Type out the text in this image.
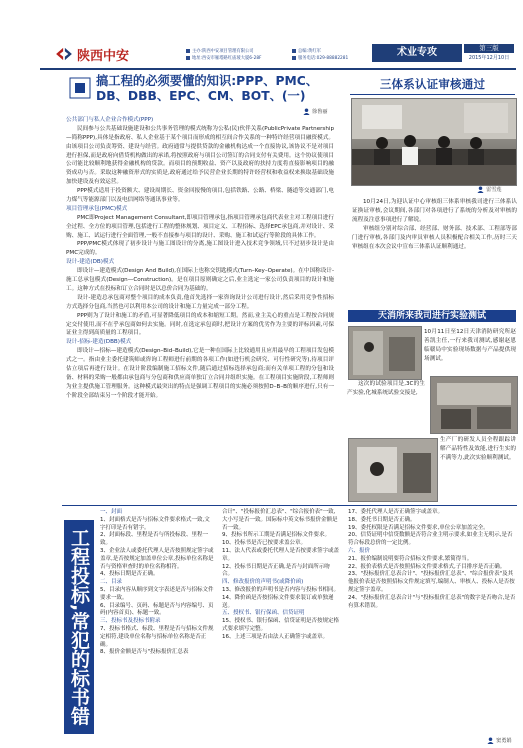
陕西中安	主办:陕西中安项目管理有限公司
地址:西安市雁塔路红庙坡大厦6-28F
总编:黄红军
服务电话:029-88882281
术业专攻	第三版
2015年12月10日
搞工程的必须要懂的知识:PPP、PMC、DB、DBB、EPC、CM、BOT、(一)
徐鲁丽
公共部门与私人企业合作模式(PPP)

民间参与公共基础设施建设和公共事务管理的模式统称为公私(民)伙伴关系(PublicPrivate Partnership—简称PPP),具体是指政府、私人企业基于某个项目而形成的相互间合作关系的一种特许经营项目融资模式。由该项目公司负责筹资、建设与经营。政府通常与提供贷款的金融机构达成一个直接协议,该协议不是对项目进行担保,而是政府向借贷机构做出的承诺,将按照政府与项目公司签订的合同支付有关费用。这个协议使项目公司能比较顺利地获得金融机构的贷款。而项目的预期收益、资产以及政府的扶持力度将直接影响项目的融资成功与否。采取这种融资形式的实质是,政府通过给予民营企业长期的特许经营权和收益权来换取基础设施加快建设及有效运营。

PPP模式适用于投资额大、建设周期长、资金回报慢的项目,包括铁路、公路、桥梁、隧道等交通部门,电力煤气等能源部门以及电信网络等通讯事业等。

项目管理承包(PMC)模式

PMC即Project Management Consultant,即项目管理承包,指项目管理承包商代表业主对工程项目进行全过程、全方位的项目管理,包括进行工程的整体规划、项目定义、工程招标、选择EPC承包商,并对设计、采购、施工、试运行进行全面管理,一般不直接参与项目的设计、采购、施工和试运行等阶段的具体工作。

PPP/PMC模式体现了初步设计与施工图设计的分离,施工图设计进入技术竞争领域,只不过初步设计是由PMC完成的。

设计-建造(DB)模式

即设计—建造模式(Design And Build),在国际上也称交钥匙模式(Turn–Key–Operate)。在中国称设计-施工总承包模式(Design—Construction)。是在项目原则确定之后,业主选定一家公司负责项目的设计和施工。这种方式在投标和订立合同时是以总价合同为基础的。

设计-建造总承包商对整个项目的成本负责,他首先选择一家咨询设计公司进行设计,然后采用竞争性招标方式选择分包商,当然也可以利用本公司的设计和施工力量完成一部分工程。

PPP则为了设计和施工的矛盾,可显著降低项目的成本和缩短工期。然而,业主关心的重点是工程按合同规定交付使用,而不在乎承包商如何去实施。同时,在选定承包商时,把设计方案的优劣作为主要的评标因素,可保证业主得到高质量的工程项目。

设计-招标-建造(DBB)模式

即设计—招标—建造模式(Design–Bid–Build),它是一种在国际上比较通用且应用最早的工程项目发包模式之一。指由业主委托建筑师或咨询工程师进行前期的各项工作(如进行机会研究、可行性研究等),待项目评估立项后再进行设计。在设计阶段编制施工招标文件,随后通过招标选择承包商;而有关单项工程的分包和设备、材料的采购一般都由承包商与分包商和供应商单独订立合同并组织实施。在工程项目实施阶段,工程师则为业主提供施工管理服务。这种模式最突出的特点是强调工程项目的实施必须按照D–B–B的顺序进行,只有一个阶段全部结束另一个阶段才能开始。

三体系认证审核通过
雷雪莲

10月24日,为迎认证中心审核组三体系审核我司进行三体系认证换证审核,会议期间,各部门对各项进行了系统的分析及对审核的流程及注意事项进行了解说。

审核组分别对综合部、经营部、财务部、技术部、工程部等部门进行审核,各部门及内审员审核人员积极配合相关工作,历时三天审核组在本次会议中宣布三体系认证顺利通过。

天消所来我司进行实验测试

10月11日至12日天津消防研究所赵善凯主任,一行来我司测试,感谢赵恩临赣局中实验现场数据与产品提供现场测试。

这次的试验项目是,3C的生产实验,化城系统试验交接是,

生产厂的研发人员全程跟踪讲解产品特性及效能,进行生实的不满等力,此次实验顺利测试。

工程投标,常犯的标书错误(上)

一、封面

1、封面格式是否与招标文件要求格式一致,文字打印是否有错字。

2、封面标段、里程是否与所投标段、里程一致。

3、企业法人或委托代理人是否按照规定签字或盖章,是否按规定加盖单位公章,投标单位名称是否与资格审查时的单位名称相符。

4、投标日期是否正确。

二、目录

5、目录内容从顺序到文字表述是否与招标文件要求一致。

6、目录编号、页码、标题是否与内容编号、页码(内容首页)、标题一致。

三、投标书及投标书附录

7、投标书格式、标段、里程是否与招标文件规定相符,建设单位名称与招标单位名称是否正确。

8、报价金额是否与"投标报价汇总表

合计"、"投标报价汇总表"、"综合报价表"一致,大小写是否一致。国际标中英文标书报价金额是否一致。

9、投标书所示工期是否满足招标文件要求。

10、投标书是否已按要求盖公章。

11、法人代表或委托代理人是否按要求签字或盖章。

12、投标书日期是否正确,是否与封面所示吻合。

四、修改报价的声明书(或降价函)

13、修改报价的声明书是否内容与投标书相同。

14、降价函是否按招标文件要求装订或单独递送。

五、授权书、银行保函、信贷证明

15、授权书、银行保函、信贷证明是否按规定格式要求填写完整。

16、上述三项是否由法人正确签字或盖章。

17、委托代理人是否正确签字或盖章。

18、委托书日期是否正确。

19、委托权限是否满足招标文件要求,单位公章加盖完全。

20、信贷证明中信贷数额是否符合业主明示要求,如业主无明示,是否符合标段总价的一定比例。

六、报价

21、报价编制说明要符合招标文件要求,繁简得当。

22、报价表格式是否按照招标文件要求格式,子目排序是否正确。

23、"投标报价汇总表合计"、"投标报价汇总表"、"综合报价表"及其他报价表是否按照招标文件规定填写,编制人、审核人、投标人是否按规定签字盖章。

24、"投标报价汇总表合计"与"投标报价汇总表"的数字是否吻合,是否有算术错误。

窦勇娟
